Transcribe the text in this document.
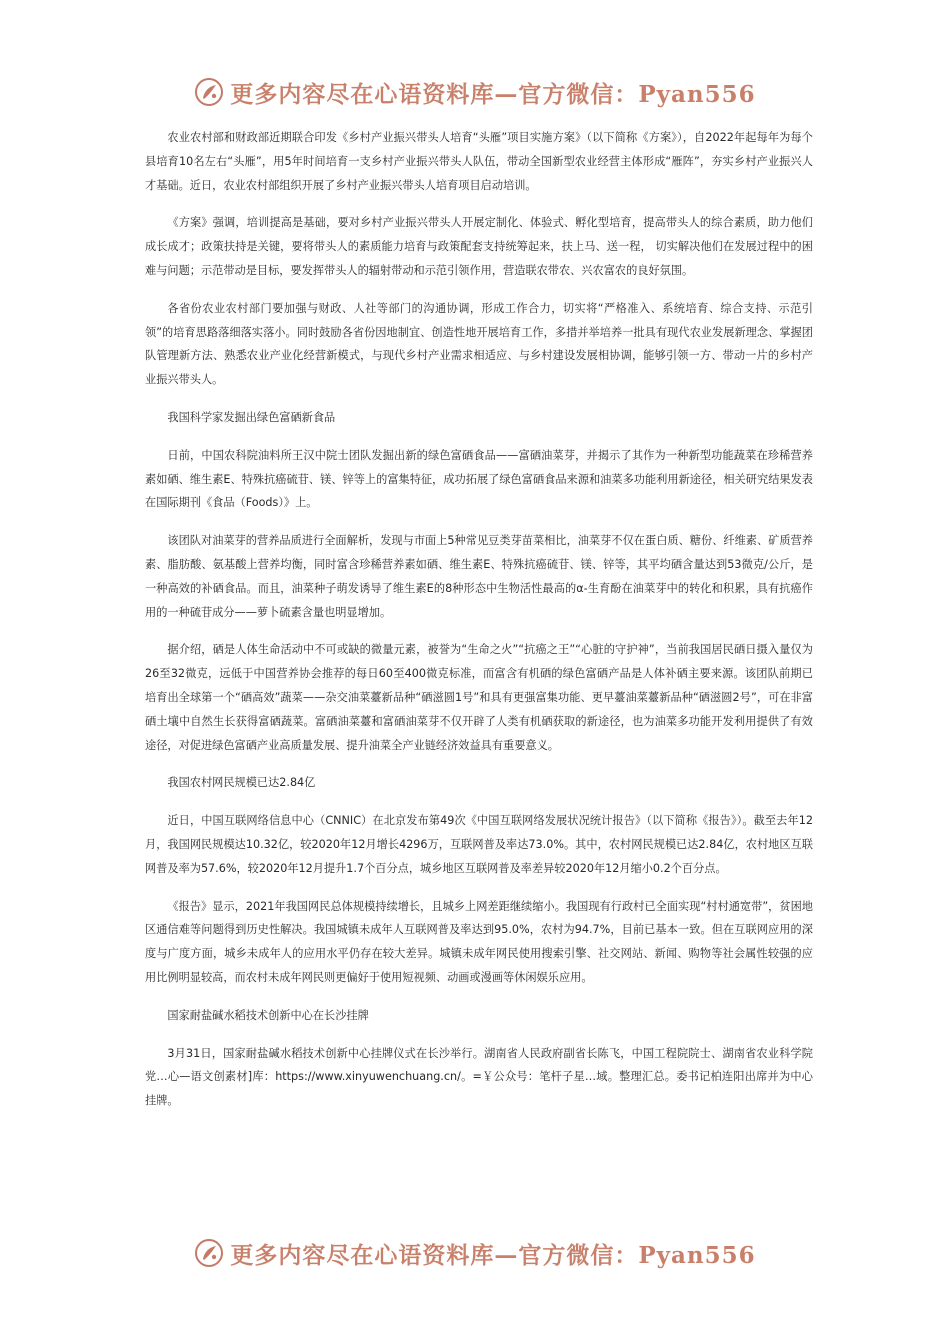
更多内容尽在心语资料库—官方微信：Pyan556

农业农村部和财政部近期联合印发《乡村产业振兴带头人培育“头雁”项目实施方案》（以下简称《方案》），自2022年起每年为每个县培育10名左右“头雁”，用5年时间培育一支乡村产业振兴带头人队伍，带动全国新型农业经营主体形成“雁阵”，夯实乡村产业振兴人才基础。近日，农业农村部组织开展了乡村产业振兴带头人培育项目启动培训。

《方案》强调，培训提高是基础，要对乡村产业振兴带头人开展定制化、体验式、孵化型培育，提高带头人的综合素质，助力他们成长成才；政策扶持是关键，要将带头人的素质能力培育与政策配套支持统筹起来，扶上马、送一程， 切实解决他们在发展过程中的困难与问题；示范带动是目标，要发挥带头人的辐射带动和示范引领作用，营造联农带农、兴农富农的良好氛围。

各省份农业农村部门要加强与财政、人社等部门的沟通协调，形成工作合力，切实将“严格准入、系统培育、综合支持、示范引领”的培育思路落细落实落小。同时鼓励各省份因地制宜、创造性地开展培育工作，多措并举培养一批具有现代农业发展新理念、掌握团队管理新方法、熟悉农业产业化经营新模式，与现代乡村产业需求相适应、与乡村建设发展相协调，能够引领一方、带动一片的乡村产业振兴带头人。

我国科学家发掘出绿色富硒新食品

日前，中国农科院油料所王汉中院士团队发掘出新的绿色富硒食品——富硒油菜芽，并揭示了其作为一种新型功能蔬菜在珍稀营养素如硒、维生素E、特殊抗癌硫苷、镁、锌等上的富集特征，成功拓展了绿色富硒食品来源和油菜多功能利用新途径，相关研究结果发表在国际期刊《食品（Foods）》上。

该团队对油菜芽的营养品质进行全面解析，发现与市面上5种常见豆类芽苗菜相比，油菜芽不仅在蛋白质、糖份、纤维素、矿质营养素、脂肪酸、氨基酸上营养均衡，同时富含珍稀营养素如硒、维生素E、特殊抗癌硫苷、镁、锌等，其平均硒含量达到53微克/公斤，是一种高效的补硒食品。而且，油菜种子萌发诱导了维生素E的8种形态中生物活性最高的α-生育酚在油菜芽中的转化和积累，具有抗癌作用的一种硫苷成分——萝卜硫素含量也明显增加。

据介绍，硒是人体生命活动中不可或缺的微量元素，被誉为“生命之火”“抗癌之王”“心脏的守护神”，当前我国居民硒日摄入量仅为26至32微克，远低于中国营养协会推荐的每日60至400微克标准，而富含有机硒的绿色富硒产品是人体补硒主要来源。该团队前期已培育出全球第一个“硒高效”蔬菜——杂交油菜薹新品种“硒滋圆1号”和具有更强富集功能、更早薹油菜薹新品种“硒滋圆2号”，可在非富硒土壤中自然生长获得富硒蔬菜。富硒油菜薹和富硒油菜芽不仅开辟了人类有机硒获取的新途径，也为油菜多功能开发利用提供了有效途径，对促进绿色富硒产业高质量发展、提升油菜全产业链经济效益具有重要意义。

我国农村网民规模已达2.84亿

近日，中国互联网络信息中心（CNNIC）在北京发布第49次《中国互联网络发展状况统计报告》（以下简称《报告》）。截至去年12月，我国网民规模达10.32亿，较2020年12月增长4296万，互联网普及率达73.0%。其中，农村网民规模已达2.84亿，农村地区互联网普及率为57.6%，较2020年12月提升1.7个百分点，城乡地区互联网普及率差异较2020年12月缩小0.2个百分点。

《报告》显示，2021年我国网民总体规模持续增长，且城乡上网差距继续缩小。我国现有行政村已全面实现“村村通宽带”，贫困地区通信难等问题得到历史性解决。我国城镇未成年人互联网普及率达到95.0%，农村为94.7%，目前已基本一致。但在互联网应用的深度与广度方面，城乡未成年人的应用水平仍存在较大差异。城镇未成年网民使用搜索引擎、社交网站、新闻、购物等社会属性较强的应用比例明显较高，而农村未成年网民则更偏好于使用短视频、动画或漫画等休闲娱乐应用。

国家耐盐碱水稻技术创新中心在长沙挂牌

3月31日，国家耐盐碱水稻技术创新中心挂牌仪式在长沙举行。湖南省人民政府副省长陈飞，中国工程院院士、湖南省农业科学院党…心—语文创素材]库：https://www.xinyuwenchuang.cn/。=￥公众号：笔杆子星…域。整理汇总。委书记柏连阳出席并为中心挂牌。

更多内容尽在心语资料库—官方微信：Pyan556
